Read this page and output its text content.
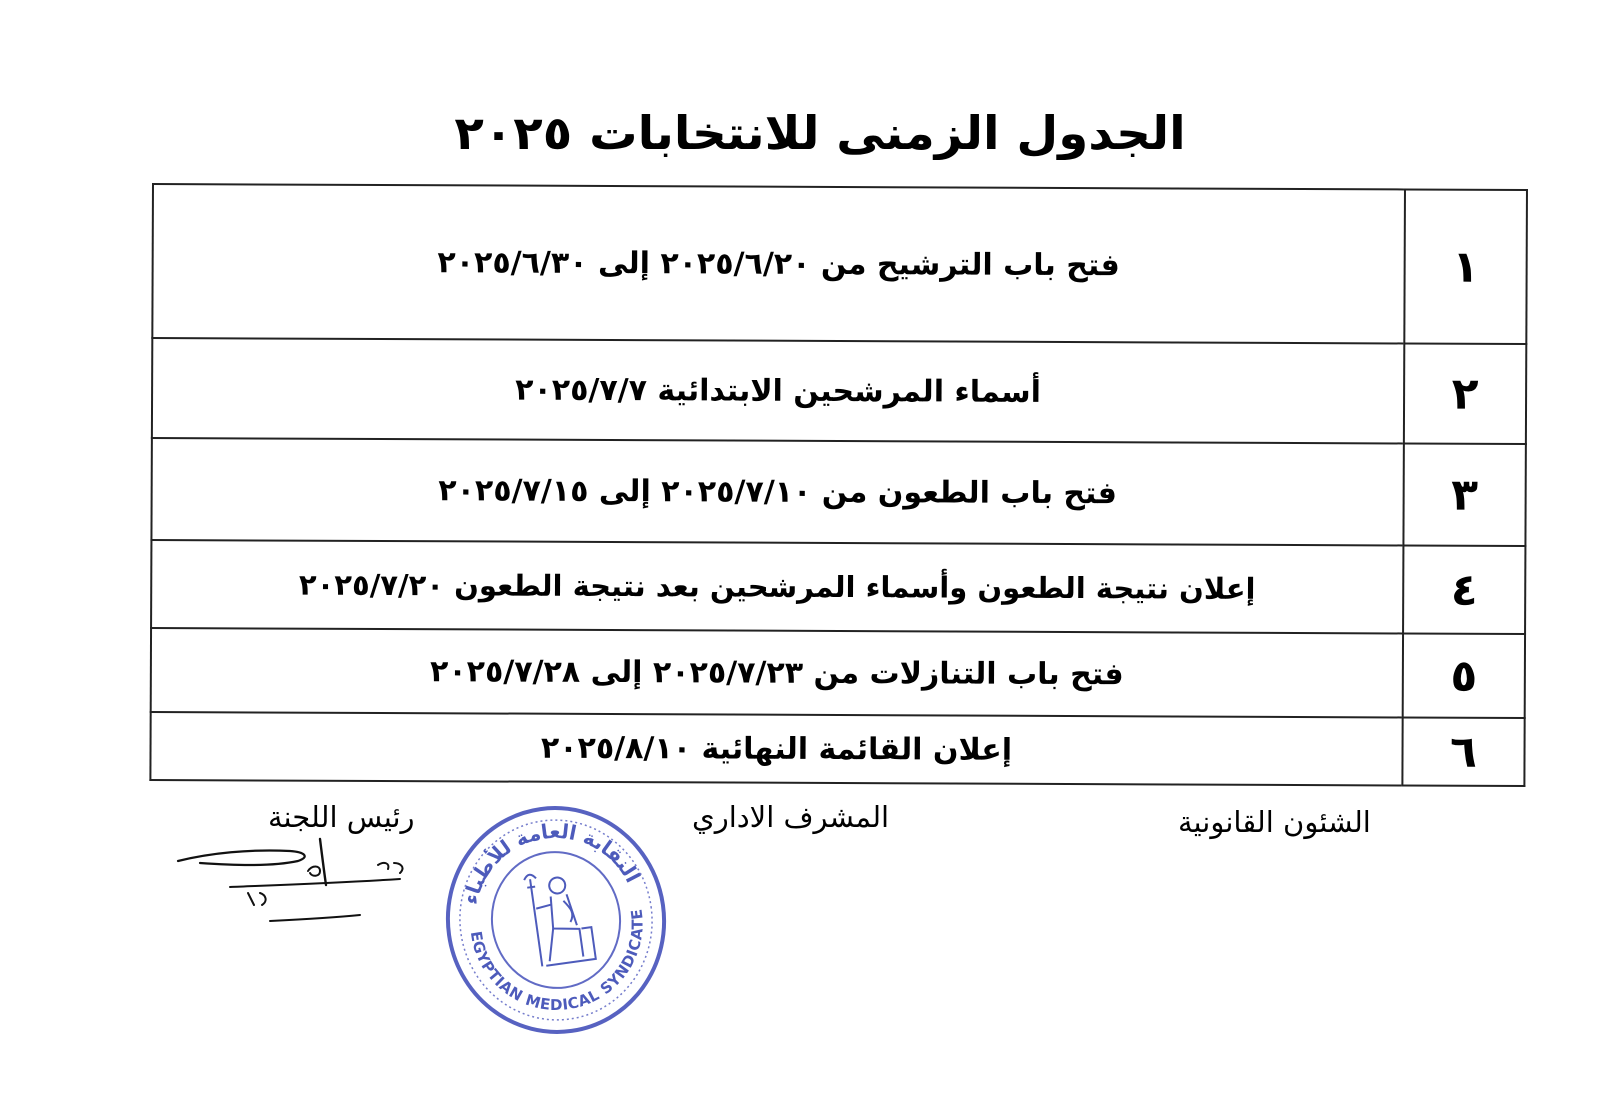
الجدول الزمنى للانتخابات ٢٠٢٥
١	فتح باب الترشيح من ٢٠٢٥/٦/٢٠ إلى ٢٠٢٥/٦/٣٠
٢	أسماء المرشحين الابتدائية ٢٠٢٥/٧/٧
٣	فتح باب الطعون من ٢٠٢٥/٧/١٠ إلى ٢٠٢٥/٧/١٥
٤	إعلان نتيجة الطعون وأسماء المرشحين بعد نتيجة الطعون ٢٠٢٥/٧/٢٠
٥	فتح باب التنازلات من ٢٠٢٥/٧/٢٣ إلى ٢٠٢٥/٧/٢٨
٦	إعلان القائمة النهائية ٢٠٢٥/٨/١٠
الشئون القانونية
المشرف الاداري
رئيس اللجنة
النقابة العامة للأطباء
EGYPTIAN MEDICAL SYNDICATE
